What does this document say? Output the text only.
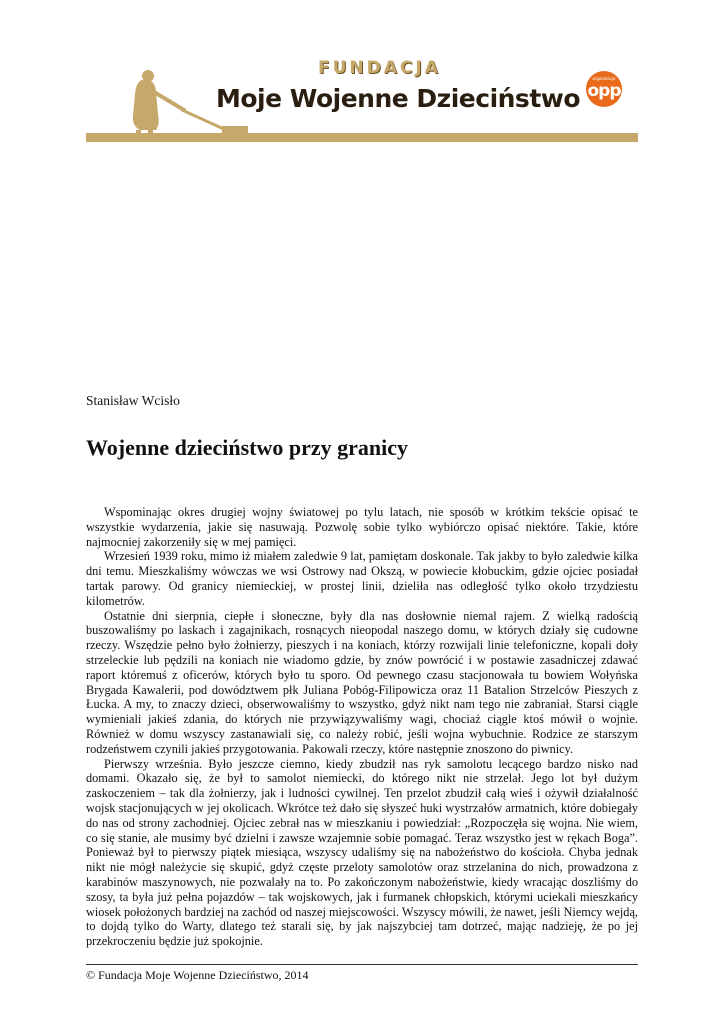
FUNDACJA
Moje Wojenne Dzieciństwo
organizacja
opp
Stanisław Wcisło
Wojenne dzieciństwo przy granicy

Wspominając okres drugiej wojny światowej po tylu latach, nie sposób w krótkim tekście opisać te wszystkie wydarzenia, jakie się nasuwają. Pozwolę sobie tylko wybiórczo opisać niektóre. Takie, które najmocniej zakorzeniły się w mej pamięci.

Wrzesień 1939 roku, mimo iż miałem zaledwie 9 lat, pamiętam doskonale. Tak jakby to było zaledwie kilka dni temu. Mieszkaliśmy wówczas we wsi Ostrowy nad Okszą, w powiecie kłobuckim, gdzie ojciec posiadał tartak parowy. Od granicy niemieckiej, w prostej linii, dzieliła nas odległość tylko około trzydziestu kilometrów.

Ostatnie dni sierpnia, ciepłe i słoneczne, były dla nas dosłownie niemal rajem. Z wielką radością buszowaliśmy po laskach i zagajnikach, rosnących nieopodal naszego domu, w których działy się cudowne rzeczy. Wszędzie pełno było żołnierzy, pieszych i na koniach, którzy rozwijali linie telefoniczne, kopali doły strzeleckie lub pędzili na koniach nie wiadomo gdzie, by znów powrócić i w postawie zasadniczej zdawać raport któremuś z oficerów, których było tu sporo. Od pewnego czasu stacjonowała tu bowiem Wołyńska Brygada Kawalerii, pod dowództwem płk Juliana Pobóg-Filipowicza oraz 11 Batalion Strzelców Pieszych z Łucka. A my, to znaczy dzieci, obserwowaliśmy to wszystko, gdyż nikt nam tego nie zabraniał. Starsi ciągle wymieniali jakieś zdania, do których nie przywiązywaliśmy wagi, chociaż ciągle ktoś mówił o wojnie. Również w domu wszyscy zastanawiali się, co należy robić, jeśli wojna wybuchnie. Rodzice ze starszym rodzeństwem czynili jakieś przygotowania. Pakowali rzeczy, które następnie znoszono do piwnicy.

Pierwszy września. Było jeszcze ciemno, kiedy zbudził nas ryk samolotu lecącego bardzo nisko nad domami. Okazało się, że był to samolot niemiecki, do którego nikt nie strzelał. Jego lot był dużym zaskoczeniem – tak dla żołnierzy, jak i ludności cywilnej. Ten przelot zbudził całą wieś i ożywił działalność wojsk stacjonujących w jej okolicach. Wkrótce też dało się słyszeć huki wystrzałów armatnich, które dobiegały do nas od strony zachodniej. Ojciec zebrał nas w mieszkaniu i powiedział: „Rozpoczęła się wojna. Nie wiem, co się stanie, ale musimy być dzielni i zawsze wzajemnie sobie pomagać. Teraz wszystko jest w rękach Boga”. Ponieważ był to pierwszy piątek miesiąca, wszyscy udaliśmy się na nabożeństwo do kościoła. Chyba jednak nikt nie mógł należycie się skupić, gdyż częste przeloty samolotów oraz strzelanina do nich, prowadzona z karabinów maszynowych, nie pozwalały na to. Po zakończonym nabożeństwie, kiedy wracając doszliśmy do szosy, ta była już pełna pojazdów – tak wojskowych, jak i furmanek chłopskich, którymi uciekali mieszkańcy wiosek położonych bardziej na zachód od naszej miejscowości. Wszyscy mówili, że nawet, jeśli Niemcy wejdą, to dojdą tylko do Warty, dlatego też starali się, by jak najszybciej tam dotrzeć, mając nadzieję, że po jej przekroczeniu będzie już spokojnie.

© Fundacja Moje Wojenne Dzieciństwo, 2014
